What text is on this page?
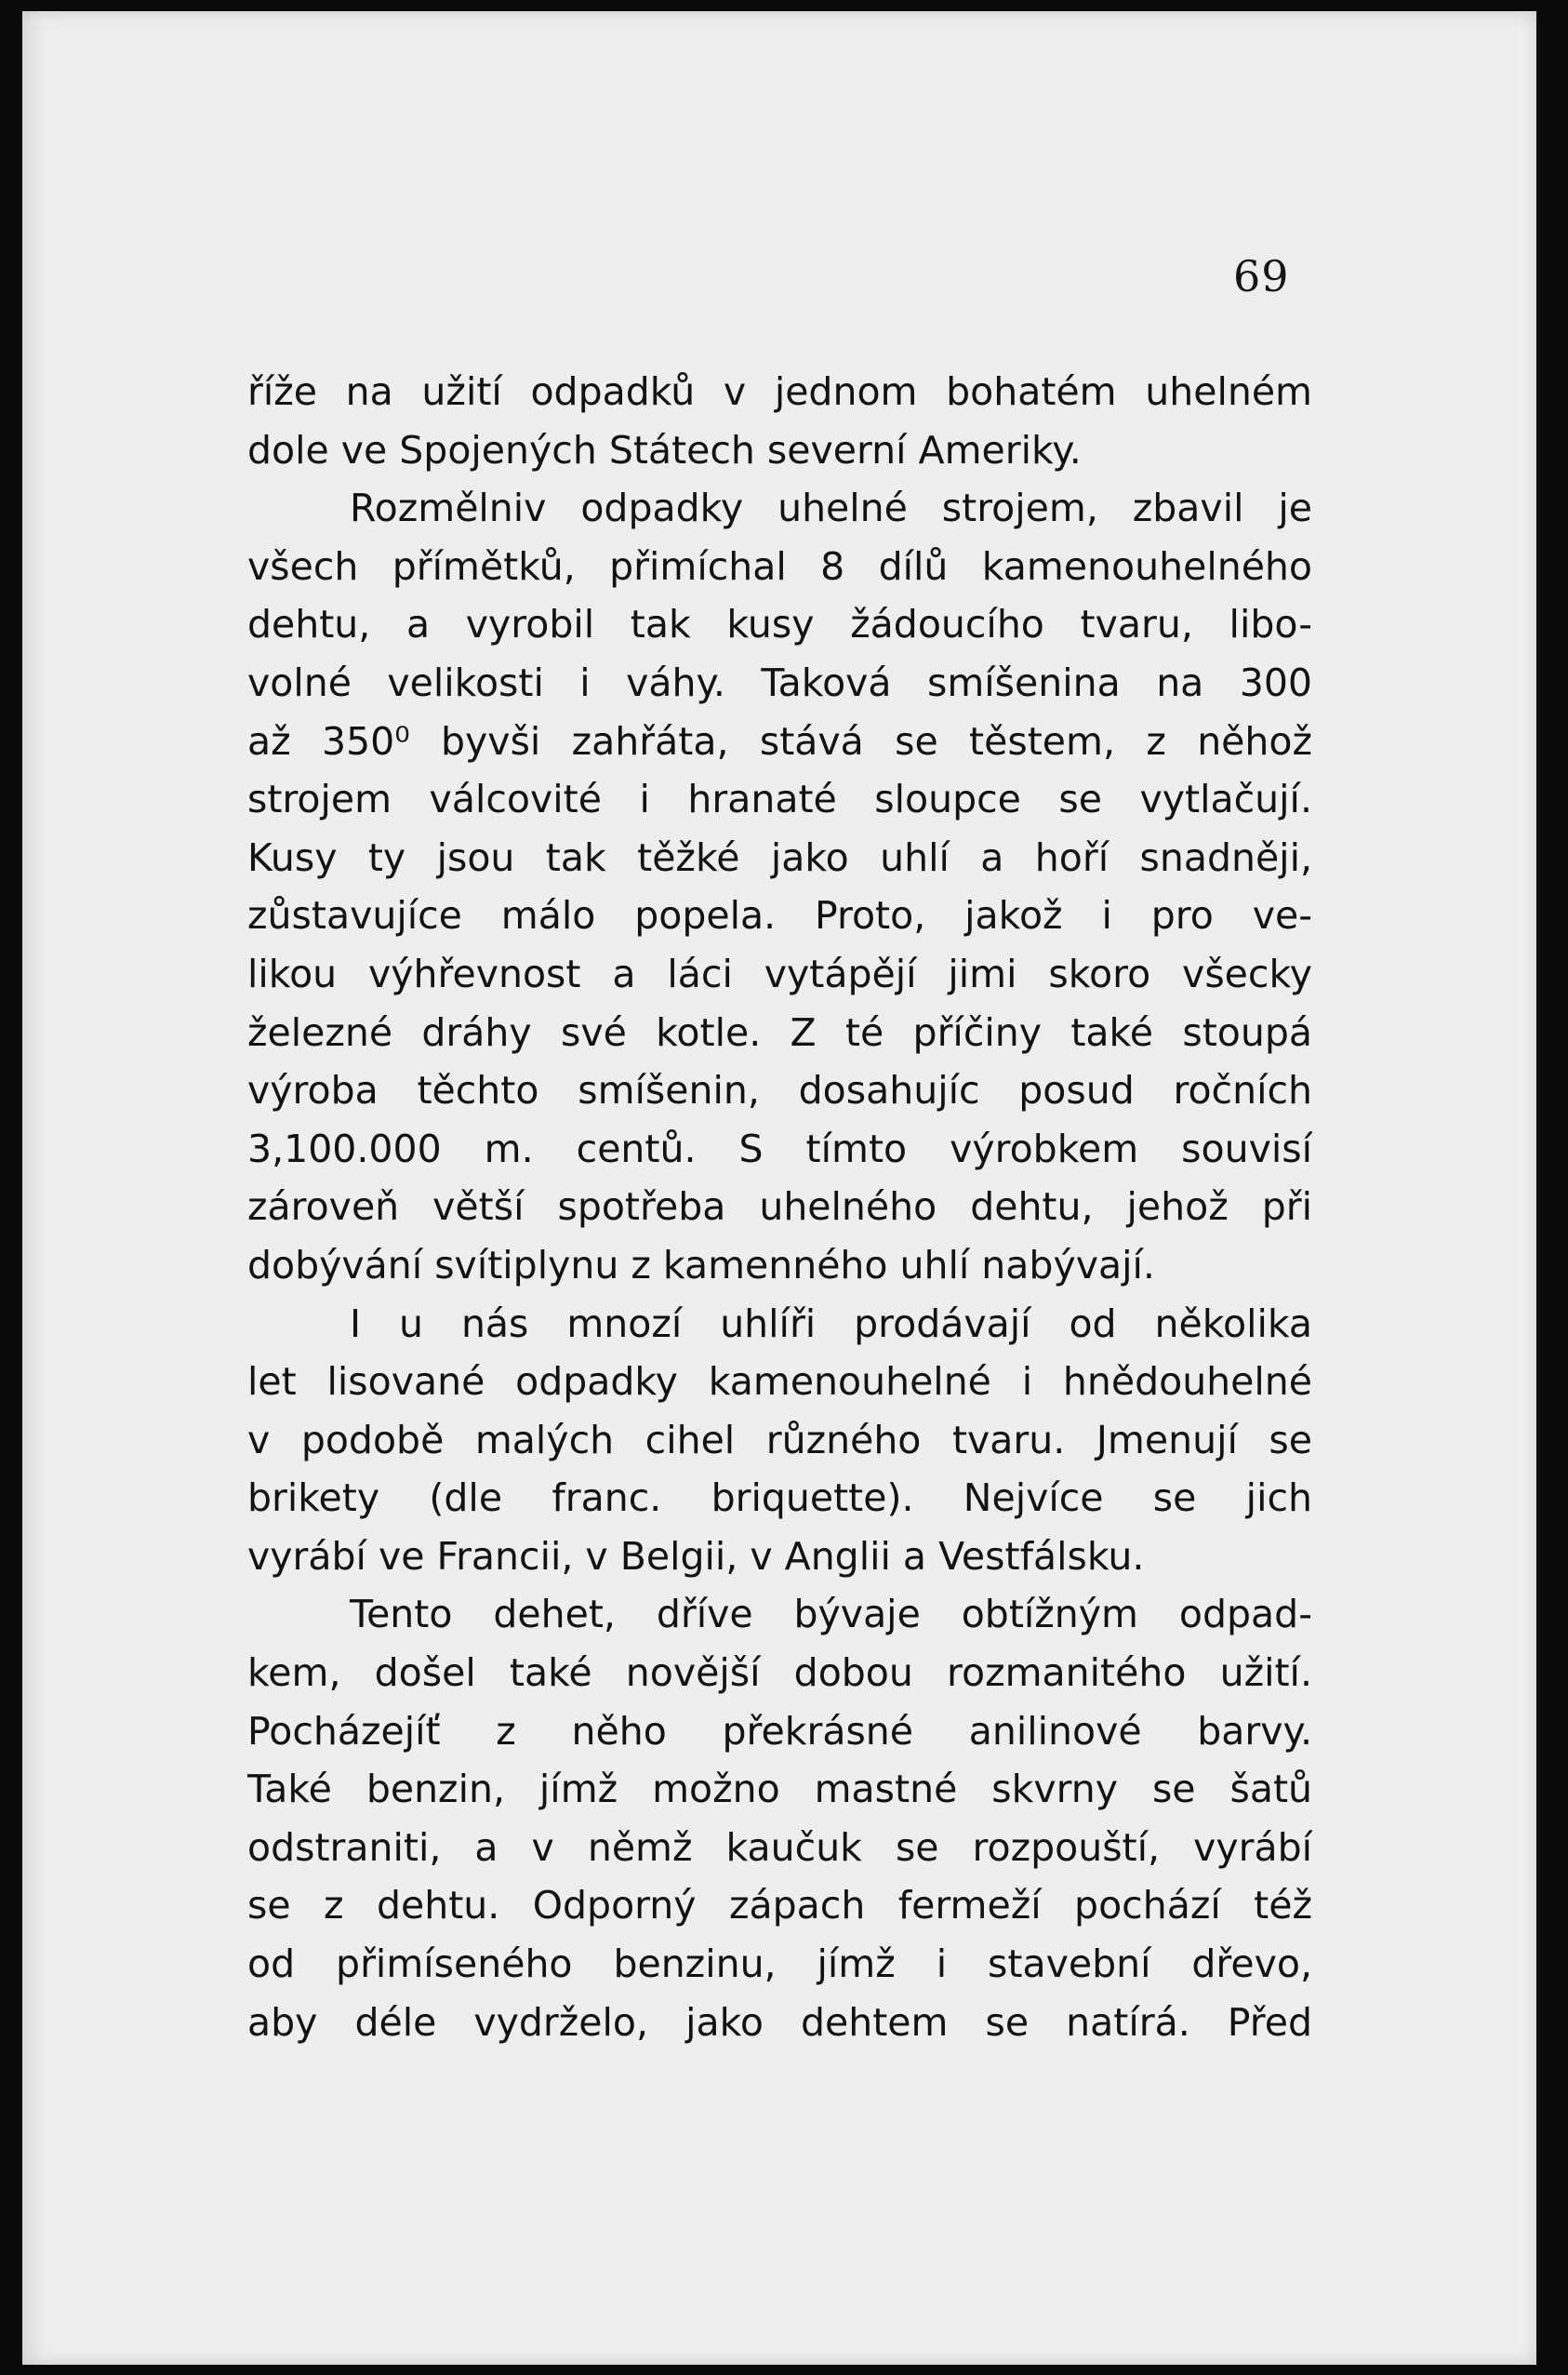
69
říže na užití odpadků v jednom bohatém uhelném
dole ve Spojených Státech severní Ameriky.
Rozmělniv odpadky uhelné strojem, zbavil je
všech přímětků, přimíchal 8 dílů kamenouhelného
dehtu, a vyrobil tak kusy žádoucího tvaru, libo-
volné velikosti i váhy. Taková smíšenina na 300
až 350⁰ byvši zahřáta, stává se těstem, z něhož
strojem válcovité i hranaté sloupce se vytlačují.
Kusy ty jsou tak těžké jako uhlí a hoří snadněji,
zůstavujíce málo popela. Proto, jakož i pro ve-
likou výhřevnost a láci vytápějí jimi skoro všecky
železné dráhy své kotle. Z té příčiny také stoupá
výroba těchto smíšenin, dosahujíc posud ročních
3,100.000 m. centů. S tímto výrobkem souvisí
zároveň větší spotřeba uhelného dehtu, jehož při
dobývání svítiplynu z kamenného uhlí nabývají.
I u nás mnozí uhlíři prodávají od několika
let lisované odpadky kamenouhelné i hnědouhelné
v podobě malých cihel různého tvaru. Jmenují se
brikety (dle franc. briquette). Nejvíce se jich
vyrábí ve Francii, v Belgii, v Anglii a Vestfálsku.
Tento dehet, dříve bývaje obtížným odpad-
kem, došel také novější dobou rozmanitého užití.
Pocházejíť z něho překrásné anilinové barvy.
Také benzin, jímž možno mastné skvrny se šatů
odstraniti, a v němž kaučuk se rozpouští, vyrábí
se z dehtu. Odporný zápach fermeží pochází též
od přimíseného benzinu, jímž i stavební dřevo,
aby déle vydrželo, jako dehtem se natírá. Před
